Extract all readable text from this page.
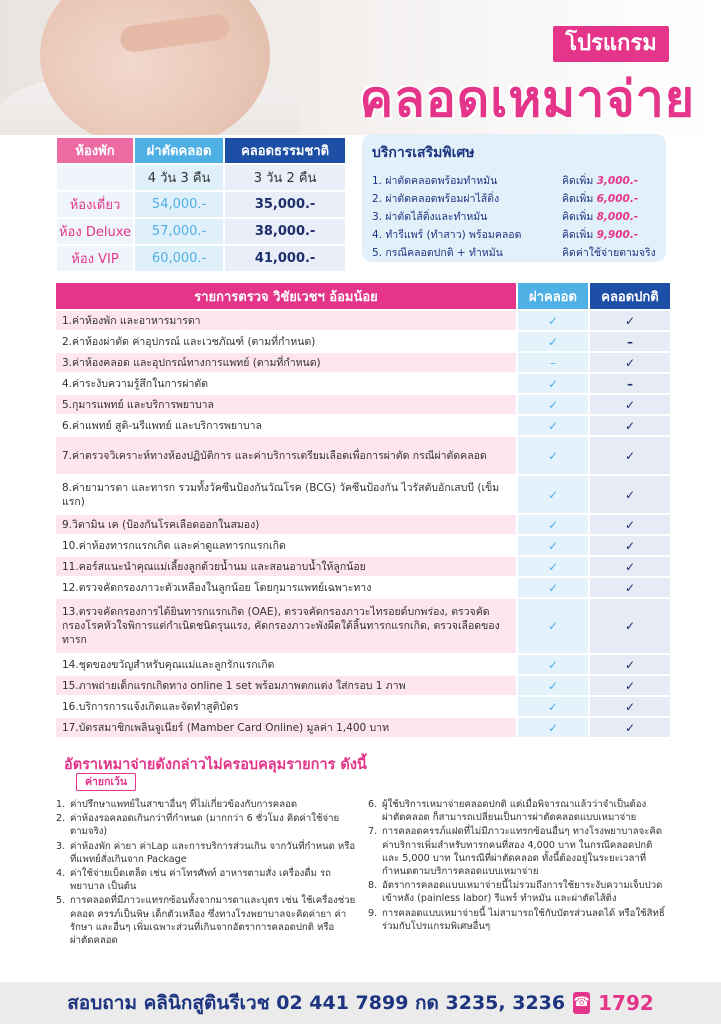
โปรแกรม
คลอดเหมาจ่าย
ห้องพัก	ผ่าตัดคลอด	คลอดธรรมชาติ
	4 วัน 3 คืน	3 วัน 2 คืน
ห้องเดี่ยว	54,000.-	35,000.-
ห้อง Deluxe	57,000.-	38,000.-
ห้อง VIP	60,000.-	41,000.-
บริการเสริมพิเศษ
1. ผ่าตัดคลอดพร้อมทำหมัน	คิดเพิ่ม 3,000.-
2. ผ่าตัดคลอดพร้อมผ่าไส้ติ่ง	คิดเพิ่ม 6,000.-
3. ผ่าตัดไส้ติ่งและทำหมัน	คิดเพิ่ม 8,000.-
4. ทำรีแพร์ (ทำสาว) พร้อมคลอด	คิดเพิ่ม 9,900.-
5. กรณีคลอดปกติ + ทำหมัน	คิดค่าใช้จ่ายตามจริง
รายการตรวจ วิชัยเวชฯ อ้อมน้อย	ผ่าคลอด	คลอดปกติ
1.ค่าห้องพัก และอาหารมารดา	✓	✓
2.ค่าห้องผ่าตัด ค่าอุปกรณ์ และเวชภัณฑ์ (ตามที่กำหนด)	✓	–
3.ค่าห้องคลอด และอุปกรณ์ทางการแพทย์ (ตามที่กำหนด)	–	✓
4.ค่าระงับความรู้สึกในการผ่าตัด	✓	–
5.กุมารแพทย์ และบริการพยาบาล	✓	✓
6.ค่าแพทย์ สูติ-นรีแพทย์ และบริการพยาบาล	✓	✓
7.ค่าตรวจวิเคราะห์ทางห้องปฏิบัติการ และค่าบริการเตรียมเลือดเพื่อการผ่าตัด กรณีผ่าตัดคลอด	✓	✓
8.ค่ายามารดา และทารก รวมทั้งวัคซีนป้องกันวัณโรค (BCG) วัคซีนป้องกัน ไวรัสตับอักเสบบี (เข็มแรก)	✓	✓
9.วิตามิน เค (ป้องกันโรคเลือดออกในสมอง)	✓	✓
10.ค่าห้องทารกแรกเกิด และค่าดูแลทารกแรกเกิด	✓	✓
11.คอร์สแนะนำคุณแม่เลี้ยงลูกด้วยน้ำนม และสอนอาบน้ำให้ลูกน้อย	✓	✓
12.ตรวจคัดกรองภาวะตัวเหลืองในลูกน้อย โดยกุมารแพทย์เฉพาะทาง	✓	✓
13.ตรวจคัดกรองการได้ยินทารกแรกเกิด (OAE), ตรวจคัดกรองภาวะไทรอยด์บกพร่อง, ตรวจคัดกรองโรคหัวใจพิการแต่กำเนิดชนิดรุนแรง, คัดกรองภาวะพังผืดใต้ลิ้นทารกแรกเกิด, ตรวจเลือดของทารก	✓	✓
14.ชุดของขวัญสำหรับคุณแม่และลูกรักแรกเกิด	✓	✓
15.ภาพถ่ายเด็กแรกเกิดทาง online 1 set พร้อมภาพตกแต่ง ใส่กรอบ 1 ภาพ	✓	✓
16.บริการการแจ้งเกิดและจัดทำสูติบัตร	✓	✓
17.บัตรสมาชิกเพลินจูเนียร์ (Mamber Card Online) มูลค่า 1,400 บาท	✓	✓
อัตราเหมาจ่ายดังกล่าวไม่ครอบคลุมรายการ ดังนี้
ค่ายกเว้น
1. ค่าปรึกษาแพทย์ในสาขาอื่นๆ ที่ไม่เกี่ยวข้องกับการคลอด
2. ค่าห้องรอคลอดเกินกว่าที่กำหนด (มากกว่า 6 ชั่วโมง คิดค่าใช้จ่ายตามจริง)
3. ค่าห้องพัก ค่ายา ค่าLap และการบริการส่วนเกิน จากวันที่กำหนด หรือที่แพทย์สั่งเกินจาก Package
4. ค่าใช้จ่ายเบ็ดเตล็ด เช่น ค่าโทรศัพท์ อาหารตามสั่ง เครื่องดื่ม รถพยาบาล เป็นต้น
5. การคลอดที่มีภาวะแทรกซ้อนทั้งจากมารดาและบุตร เช่น ใช้เครื่องช่วยคลอด ครรภ์เป็นพิษ เด็กตัวเหลือง ซึ่งทางโรงพยาบาลจะคิดค่ายา ค่ารักษา และอื่นๆ เพิ่มเฉพาะส่วนที่เกินจากอัตราการคลอดปกติ หรือผ่าตัดคลอด
6. ผู้ใช้บริการเหมาจ่ายคลอดปกติ แต่เมื่อพิจารณาแล้วว่าจำเป็นต้องผ่าตัดคลอด ก็สามารถเปลี่ยนเป็นการผ่าตัดคลอดแบบเหมาจ่าย
7. การคลอดครรภ์แฝดที่ไม่มีภาวะแทรกซ้อนอื่นๆ ทางโรงพยาบาลจะคิดค่าบริการเพิ่มสำหรับทารกคนที่สอง 4,000 บาท ในกรณีคลอดปกติ และ 5,000 บาท ในกรณีที่ผ่าตัดคลอด ทั้งนี้ต้องอยู่ในระยะเวลาที่กำหนดตามบริการคลอดแบบเหมาจ่าย
8. อัตราการคลอดแบบเหมาจ่ายนี้ไม่รวมถึงการใช้ยาระงับความเจ็บปวดเข้าหลัง (painless labor) รีแพร์ ทำหมัน และผ่าตัดไส้ติ่ง
9. การคลอดแบบเหมาจ่ายนี้ ไม่สามารถใช้กับบัตรส่วนลดได้ หรือใช้สิทธิ์ร่วมกับโปรแกรมพิเศษอื่นๆ
สอบถาม คลินิกสูตินรีเวช 02 441 7899 กด 3235, 3236 ☎ 1792
